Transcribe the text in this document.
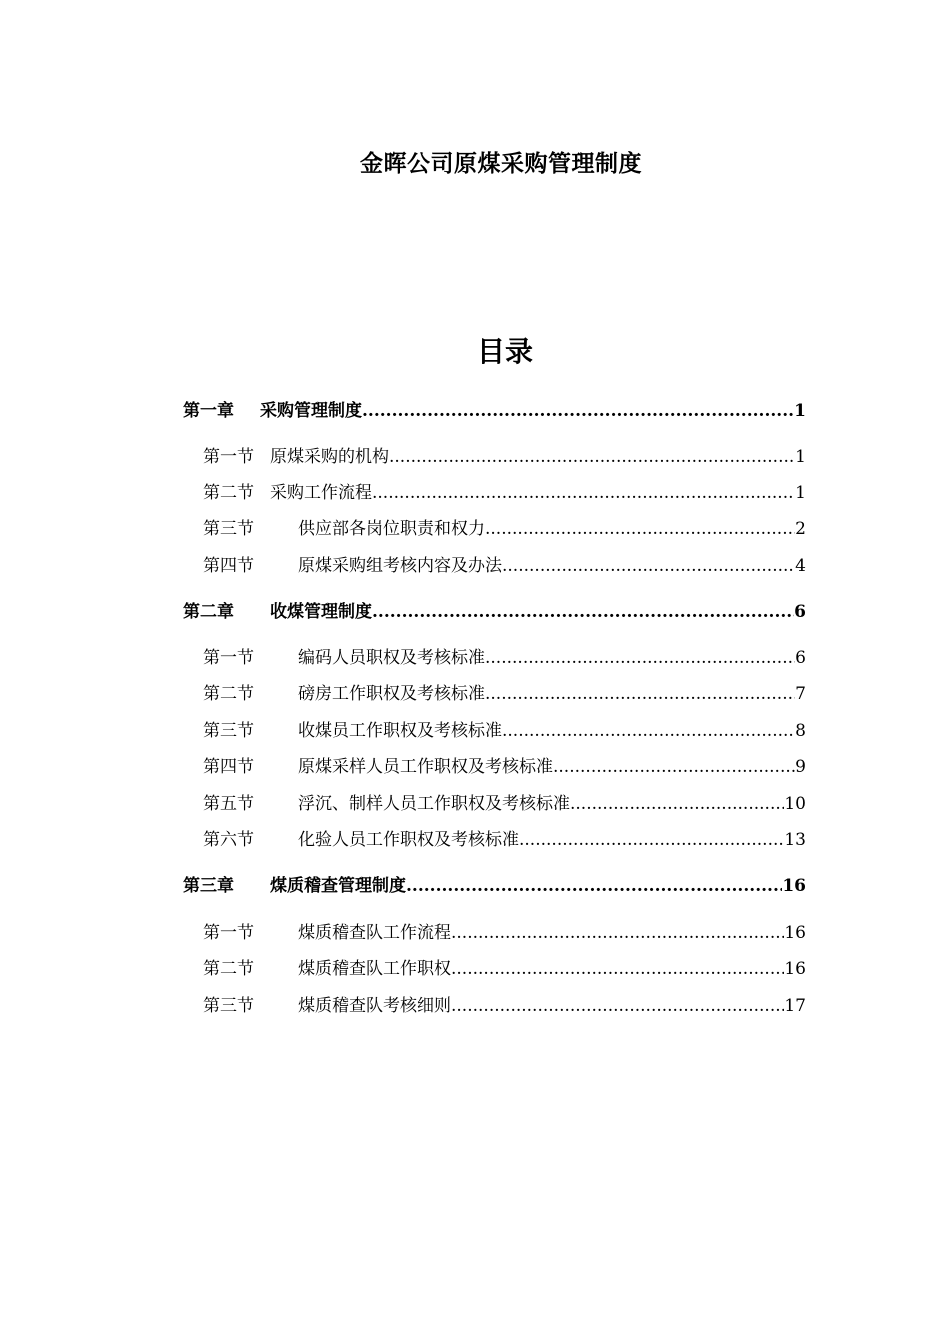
金晖公司原煤采购管理制度
目录
第一章	采购管理制度 .....	1
第一节 原煤采购的机构 .....	1
第二节 采购工作流程 .....	1
第三节	供应部各岗位职责和权力 .....	2
第四节	原煤采购组考核内容及办法 .....	4
第二章	收煤管理制度 .....	6
第一节	编码人员职权及考核标准 .....	6
第二节	磅房工作职权及考核标准 .....	7
第三节	收煤员工作职权及考核标准 .....	8
第四节	原煤采样人员工作职权及考核标准 .....	9
第五节	浮沉、制样人员工作职权及考核标准 .....	10
第六节	化验人员工作职权及考核标准 .....	13
第三章	煤质稽查管理制度 .....	16
第一节	煤质稽查队工作流程 .....	16
第二节	煤质稽查队工作职权 .....	16
第三节	煤质稽查队考核细则 .....	17
